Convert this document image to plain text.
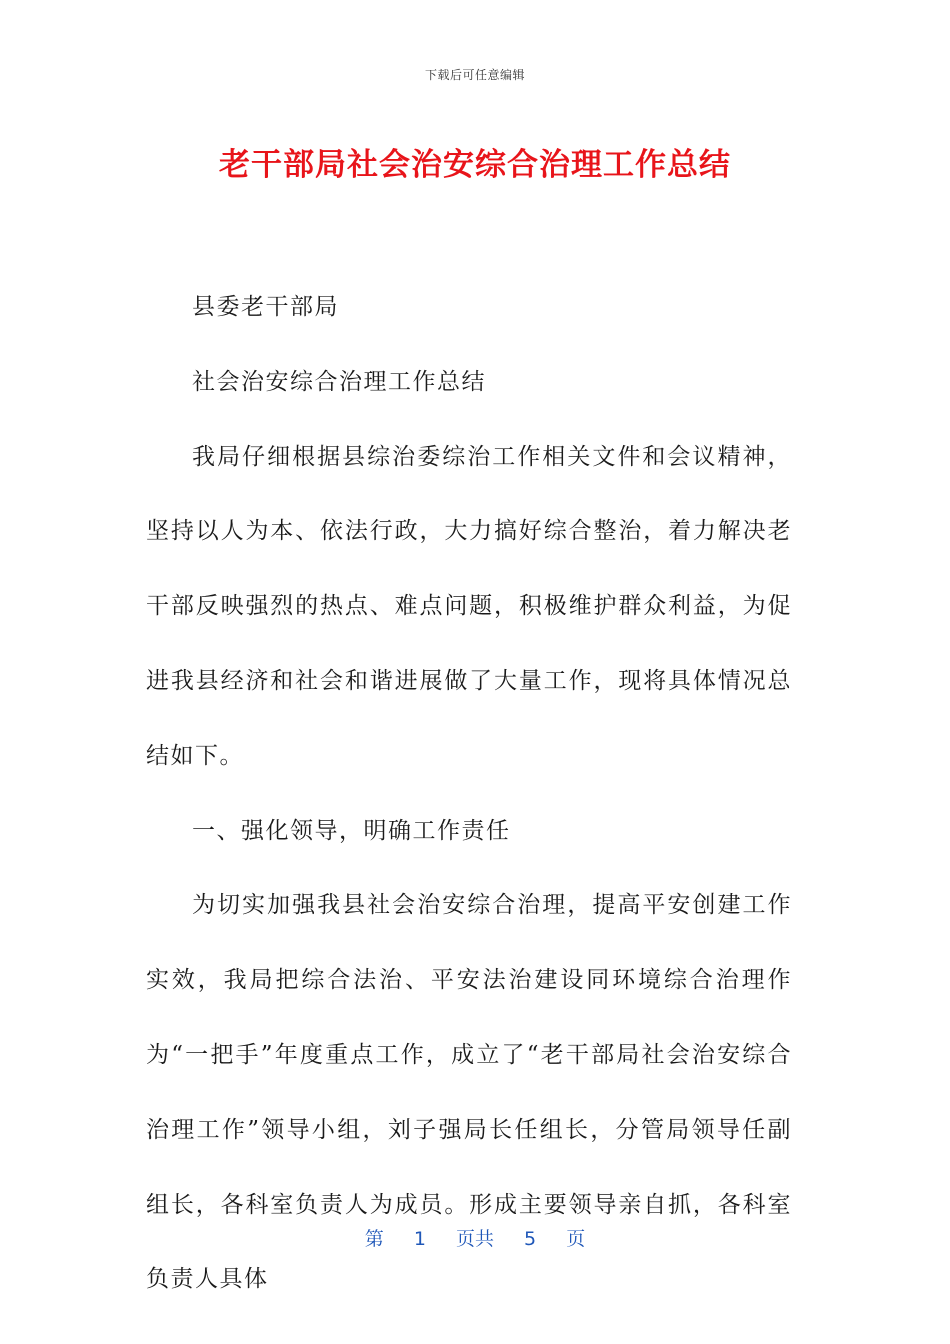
下载后可任意编辑
老干部局社会治安综合治理工作总结

县委老干部局

社会治安综合治理工作总结

我局仔细根据县综治委综治工作相关文件和会议精神，坚持以人为本、依法行政，大力搞好综合整治，着力解决老干部反映强烈的热点、难点问题，积极维护群众利益，为促进我县经济和社会和谐进展做了大量工作，现将具体情况总结如下。

一、强化领导，明确工作责任

为切实加强我县社会治安综合治理，提高平安创建工作实效，我局把综合法治、平安法治建设同环境综合治理作为“一把手”年度重点工作，成立了“老干部局社会治安综合治理工作”领导小组，刘子强局长任组长，分管局领导任副组长，各科室负责人为成员。形成主要领导亲自抓，各科室负责人具体

第 1 页共 5 页
